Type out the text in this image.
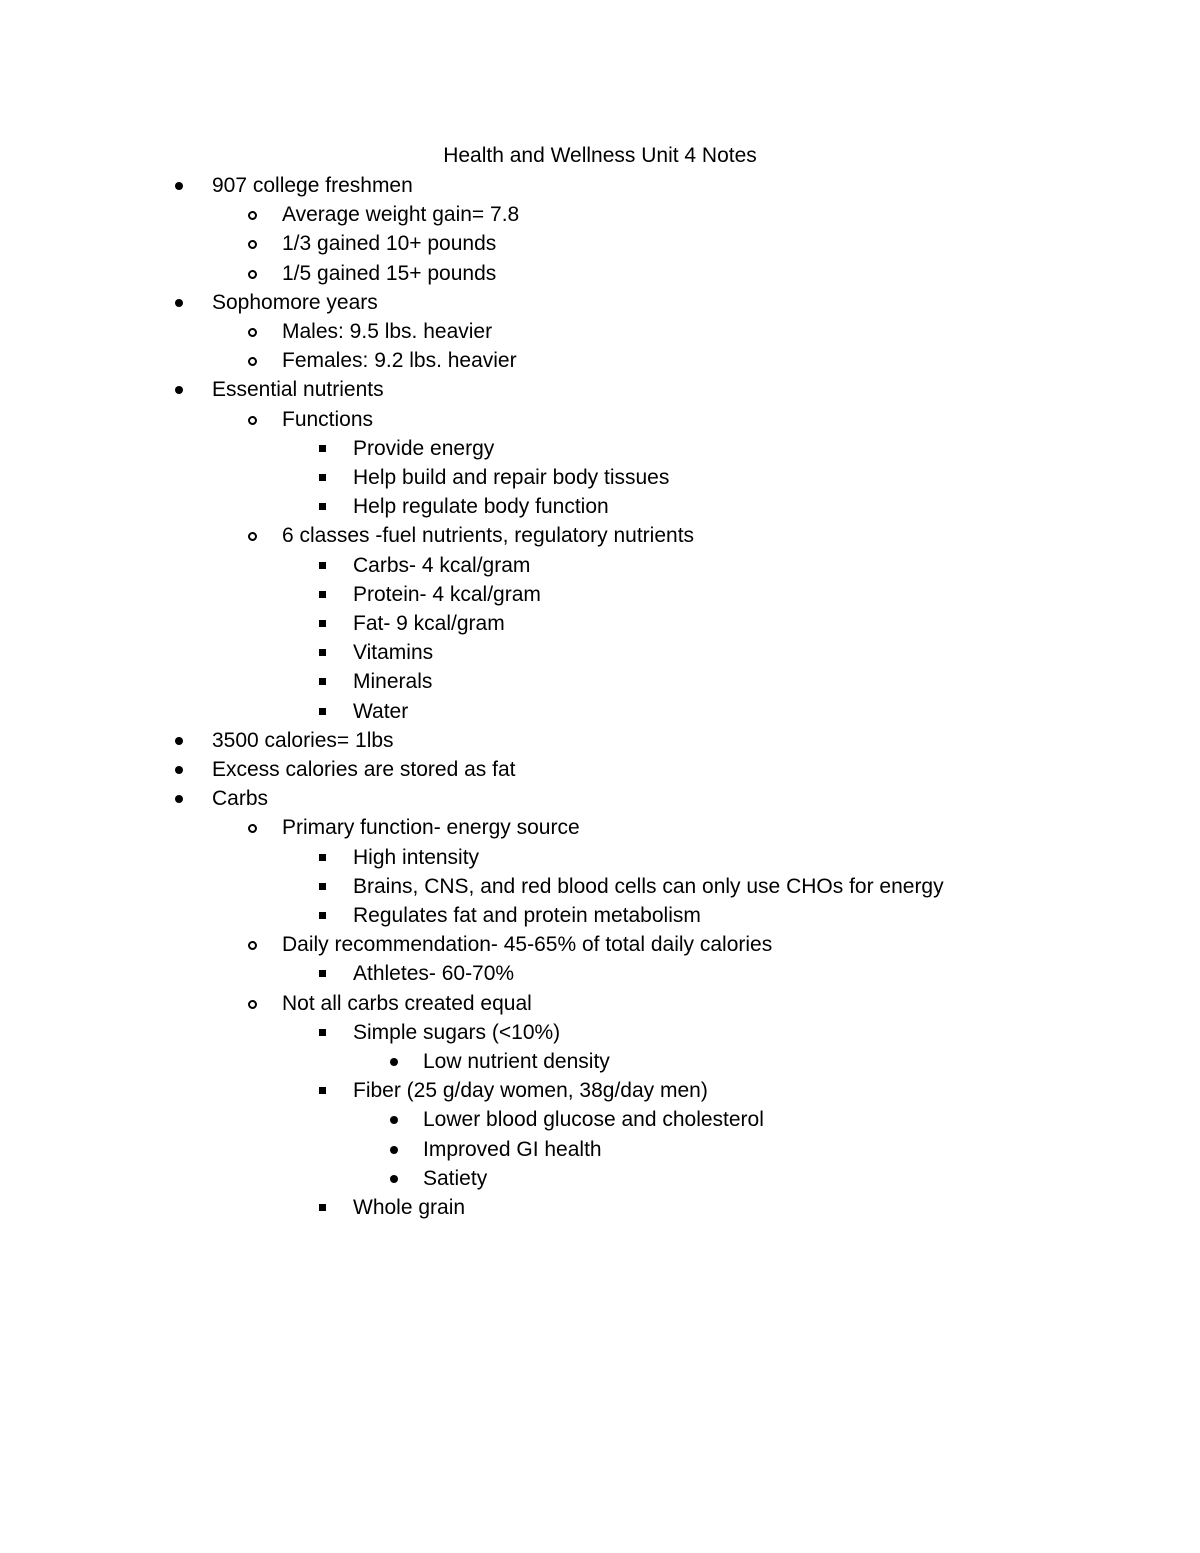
Health and Wellness Unit 4 Notes
907 college freshmen
Average weight gain= 7.8
1/3 gained 10+ pounds
1/5 gained 15+ pounds
Sophomore years
Males: 9.5 lbs. heavier
Females: 9.2 lbs. heavier
Essential nutrients
Functions
Provide energy
Help build and repair body tissues
Help regulate body function
6 classes -fuel nutrients, regulatory nutrients
Carbs- 4 kcal/gram
Protein- 4 kcal/gram
Fat- 9 kcal/gram
Vitamins
Minerals
Water
3500 calories= 1lbs
Excess calories are stored as fat
Carbs
Primary function- energy source
High intensity
Brains, CNS, and red blood cells can only use CHOs for energy
Regulates fat and protein metabolism
Daily recommendation- 45-65% of total daily calories
Athletes- 60-70%
Not all carbs created equal
Simple sugars (<10%)
Low nutrient density
Fiber (25 g/day women, 38g/day men)
Lower blood glucose and cholesterol
Improved GI health
Satiety
Whole grain
